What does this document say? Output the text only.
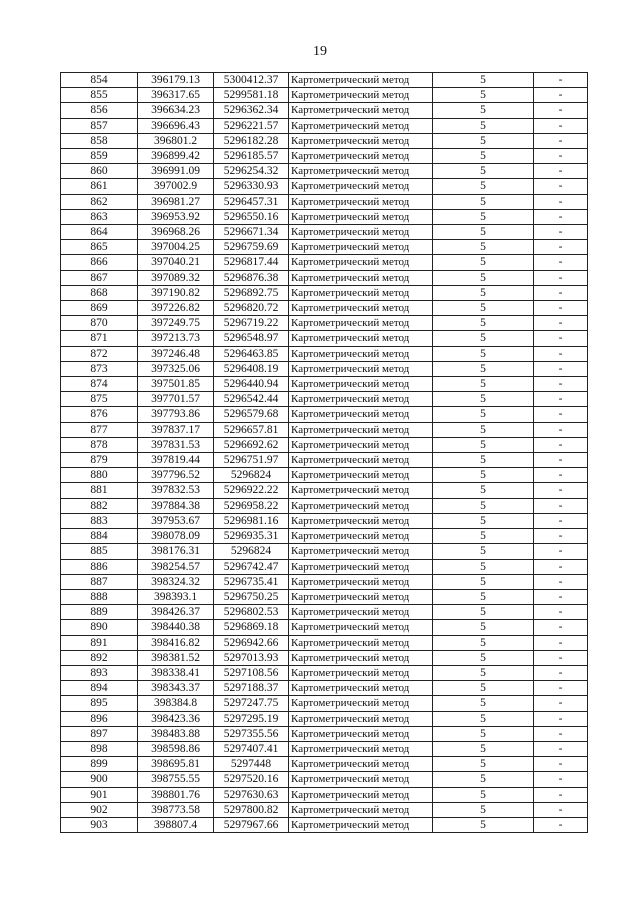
19
854	396179.13	5300412.37	Картометрический метод	5	-
855	396317.65	5299581.18	Картометрический метод	5	-
856	396634.23	5296362.34	Картометрический метод	5	-
857	396696.43	5296221.57	Картометрический метод	5	-
858	396801.2	5296182.28	Картометрический метод	5	-
859	396899.42	5296185.57	Картометрический метод	5	-
860	396991.09	5296254.32	Картометрический метод	5	-
861	397002.9	5296330.93	Картометрический метод	5	-
862	396981.27	5296457.31	Картометрический метод	5	-
863	396953.92	5296550.16	Картометрический метод	5	-
864	396968.26	5296671.34	Картометрический метод	5	-
865	397004.25	5296759.69	Картометрический метод	5	-
866	397040.21	5296817.44	Картометрический метод	5	-
867	397089.32	5296876.38	Картометрический метод	5	-
868	397190.82	5296892.75	Картометрический метод	5	-
869	397226.82	5296820.72	Картометрический метод	5	-
870	397249.75	5296719.22	Картометрический метод	5	-
871	397213.73	5296548.97	Картометрический метод	5	-
872	397246.48	5296463.85	Картометрический метод	5	-
873	397325.06	5296408.19	Картометрический метод	5	-
874	397501.85	5296440.94	Картометрический метод	5	-
875	397701.57	5296542.44	Картометрический метод	5	-
876	397793.86	5296579.68	Картометрический метод	5	-
877	397837.17	5296657.81	Картометрический метод	5	-
878	397831.53	5296692.62	Картометрический метод	5	-
879	397819.44	5296751.97	Картометрический метод	5	-
880	397796.52	5296824	Картометрический метод	5	-
881	397832.53	5296922.22	Картометрический метод	5	-
882	397884.38	5296958.22	Картометрический метод	5	-
883	397953.67	5296981.16	Картометрический метод	5	-
884	398078.09	5296935.31	Картометрический метод	5	-
885	398176.31	5296824	Картометрический метод	5	-
886	398254.57	5296742.47	Картометрический метод	5	-
887	398324.32	5296735.41	Картометрический метод	5	-
888	398393.1	5296750.25	Картометрический метод	5	-
889	398426.37	5296802.53	Картометрический метод	5	-
890	398440.38	5296869.18	Картометрический метод	5	-
891	398416.82	5296942.66	Картометрический метод	5	-
892	398381.52	5297013.93	Картометрический метод	5	-
893	398338.41	5297108.56	Картометрический метод	5	-
894	398343.37	5297188.37	Картометрический метод	5	-
895	398384.8	5297247.75	Картометрический метод	5	-
896	398423.36	5297295.19	Картометрический метод	5	-
897	398483.88	5297355.56	Картометрический метод	5	-
898	398598.86	5297407.41	Картометрический метод	5	-
899	398695.81	5297448	Картометрический метод	5	-
900	398755.55	5297520.16	Картометрический метод	5	-
901	398801.76	5297630.63	Картометрический метод	5	-
902	398773.58	5297800.82	Картометрический метод	5	-
903	398807.4	5297967.66	Картометрический метод	5	-
